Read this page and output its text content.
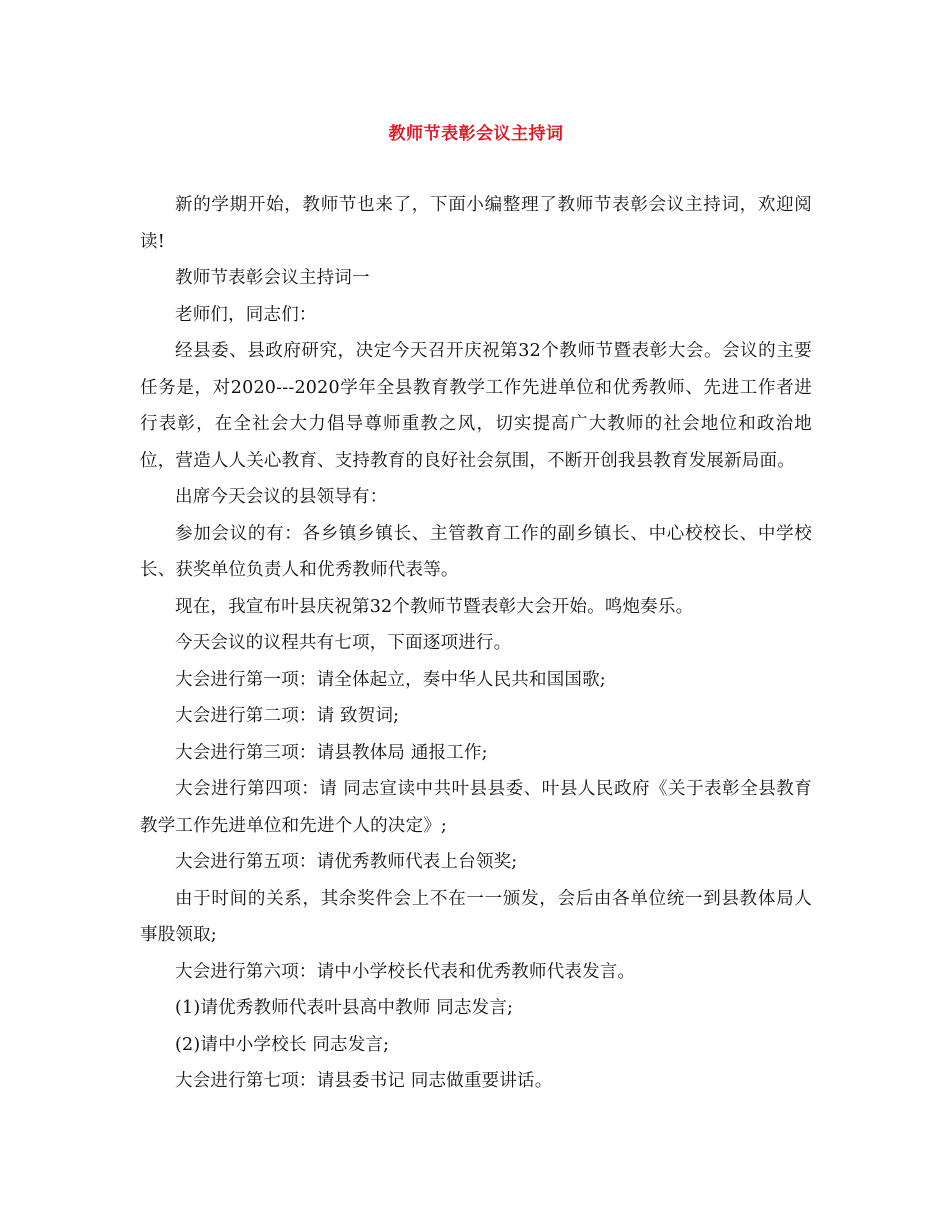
教师节表彰会议主持词

新的学期开始，教师节也来了，下面小编整理了教师节表彰会议主持词，欢迎阅读!

教师节表彰会议主持词一

老师们，同志们：

经县委、县政府研究，决定今天召开庆祝第32个教师节暨表彰大会。会议的主要任务是，对2020---2020学年全县教育教学工作先进单位和优秀教师、先进工作者进行表彰，在全社会大力倡导尊师重教之风，切实提高广大教师的社会地位和政治地位，营造人人关心教育、支持教育的良好社会氛围，不断开创我县教育发展新局面。

出席今天会议的县领导有：

参加会议的有：各乡镇乡镇长、主管教育工作的副乡镇长、中心校校长、中学校长、获奖单位负责人和优秀教师代表等。

现在，我宣布叶县庆祝第32个教师节暨表彰大会开始。鸣炮奏乐。

今天会议的议程共有七项，下面逐项进行。

大会进行第一项：请全体起立，奏中华人民共和国国歌;

大会进行第二项：请 致贺词;

大会进行第三项：请县教体局 通报工作;

大会进行第四项：请 同志宣读中共叶县县委、叶县人民政府《关于表彰全县教育教学工作先进单位和先进个人的决定》;

大会进行第五项：请优秀教师代表上台领奖;

由于时间的关系，其余奖件会上不在一一颁发，会后由各单位统一到县教体局人事股领取;

大会进行第六项：请中小学校长代表和优秀教师代表发言。

(1)请优秀教师代表叶县高中教师 同志发言;

(2)请中小学校长 同志发言;

大会进行第七项：请县委书记 同志做重要讲话。
